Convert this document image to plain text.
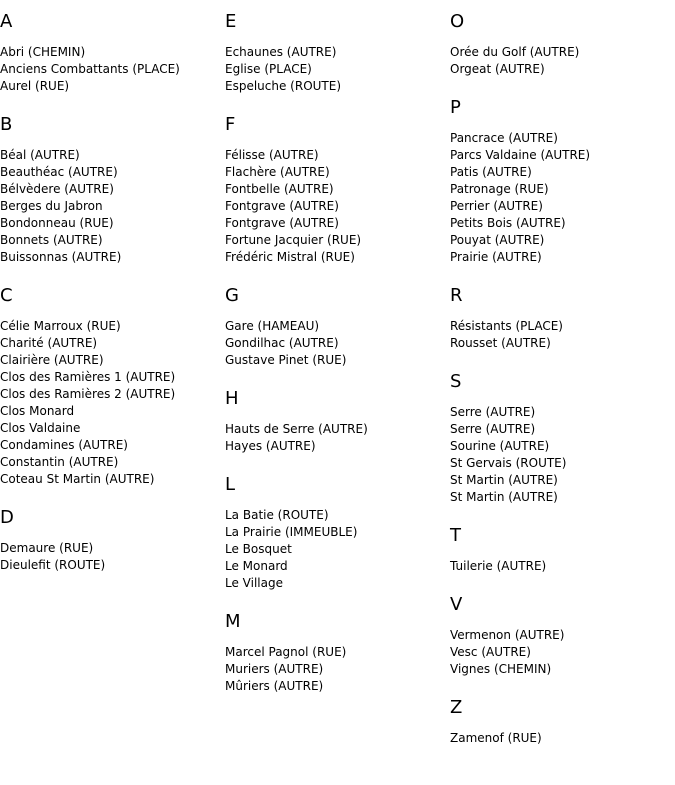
A
Abri (CHEMIN)
Anciens Combattants (PLACE)
Aurel (RUE)
B
Béal (AUTRE)
Beauthéac (AUTRE)
Bélvèdere (AUTRE)
Berges du Jabron
Bondonneau (RUE)
Bonnets (AUTRE)
Buissonnas (AUTRE)
C
Célie Marroux (RUE)
Charité (AUTRE)
Clairière (AUTRE)
Clos des Ramières 1 (AUTRE)
Clos des Ramières 2 (AUTRE)
Clos Monard
Clos Valdaine
Condamines (AUTRE)
Constantin (AUTRE)
Coteau St Martin (AUTRE)
D
Demaure (RUE)
Dieulefit (ROUTE)
E
Echaunes (AUTRE)
Eglise (PLACE)
Espeluche (ROUTE)
F
Félisse (AUTRE)
Flachère (AUTRE)
Fontbelle (AUTRE)
Fontgrave (AUTRE)
Fontgrave (AUTRE)
Fortune Jacquier (RUE)
Frédéric Mistral (RUE)
G
Gare (HAMEAU)
Gondilhac (AUTRE)
Gustave Pinet (RUE)
H
Hauts de Serre (AUTRE)
Hayes (AUTRE)
L
La Batie (ROUTE)
La Prairie (IMMEUBLE)
Le Bosquet
Le Monard
Le Village
M
Marcel Pagnol (RUE)
Muriers (AUTRE)
Mûriers (AUTRE)
O
Orée du Golf (AUTRE)
Orgeat (AUTRE)
P
Pancrace (AUTRE)
Parcs Valdaine (AUTRE)
Patis (AUTRE)
Patronage (RUE)
Perrier (AUTRE)
Petits Bois (AUTRE)
Pouyat (AUTRE)
Prairie (AUTRE)
R
Résistants (PLACE)
Rousset (AUTRE)
S
Serre (AUTRE)
Serre (AUTRE)
Sourine (AUTRE)
St Gervais (ROUTE)
St Martin (AUTRE)
St Martin (AUTRE)
T
Tuilerie (AUTRE)
V
Vermenon (AUTRE)
Vesc (AUTRE)
Vignes (CHEMIN)
Z
Zamenof (RUE)
